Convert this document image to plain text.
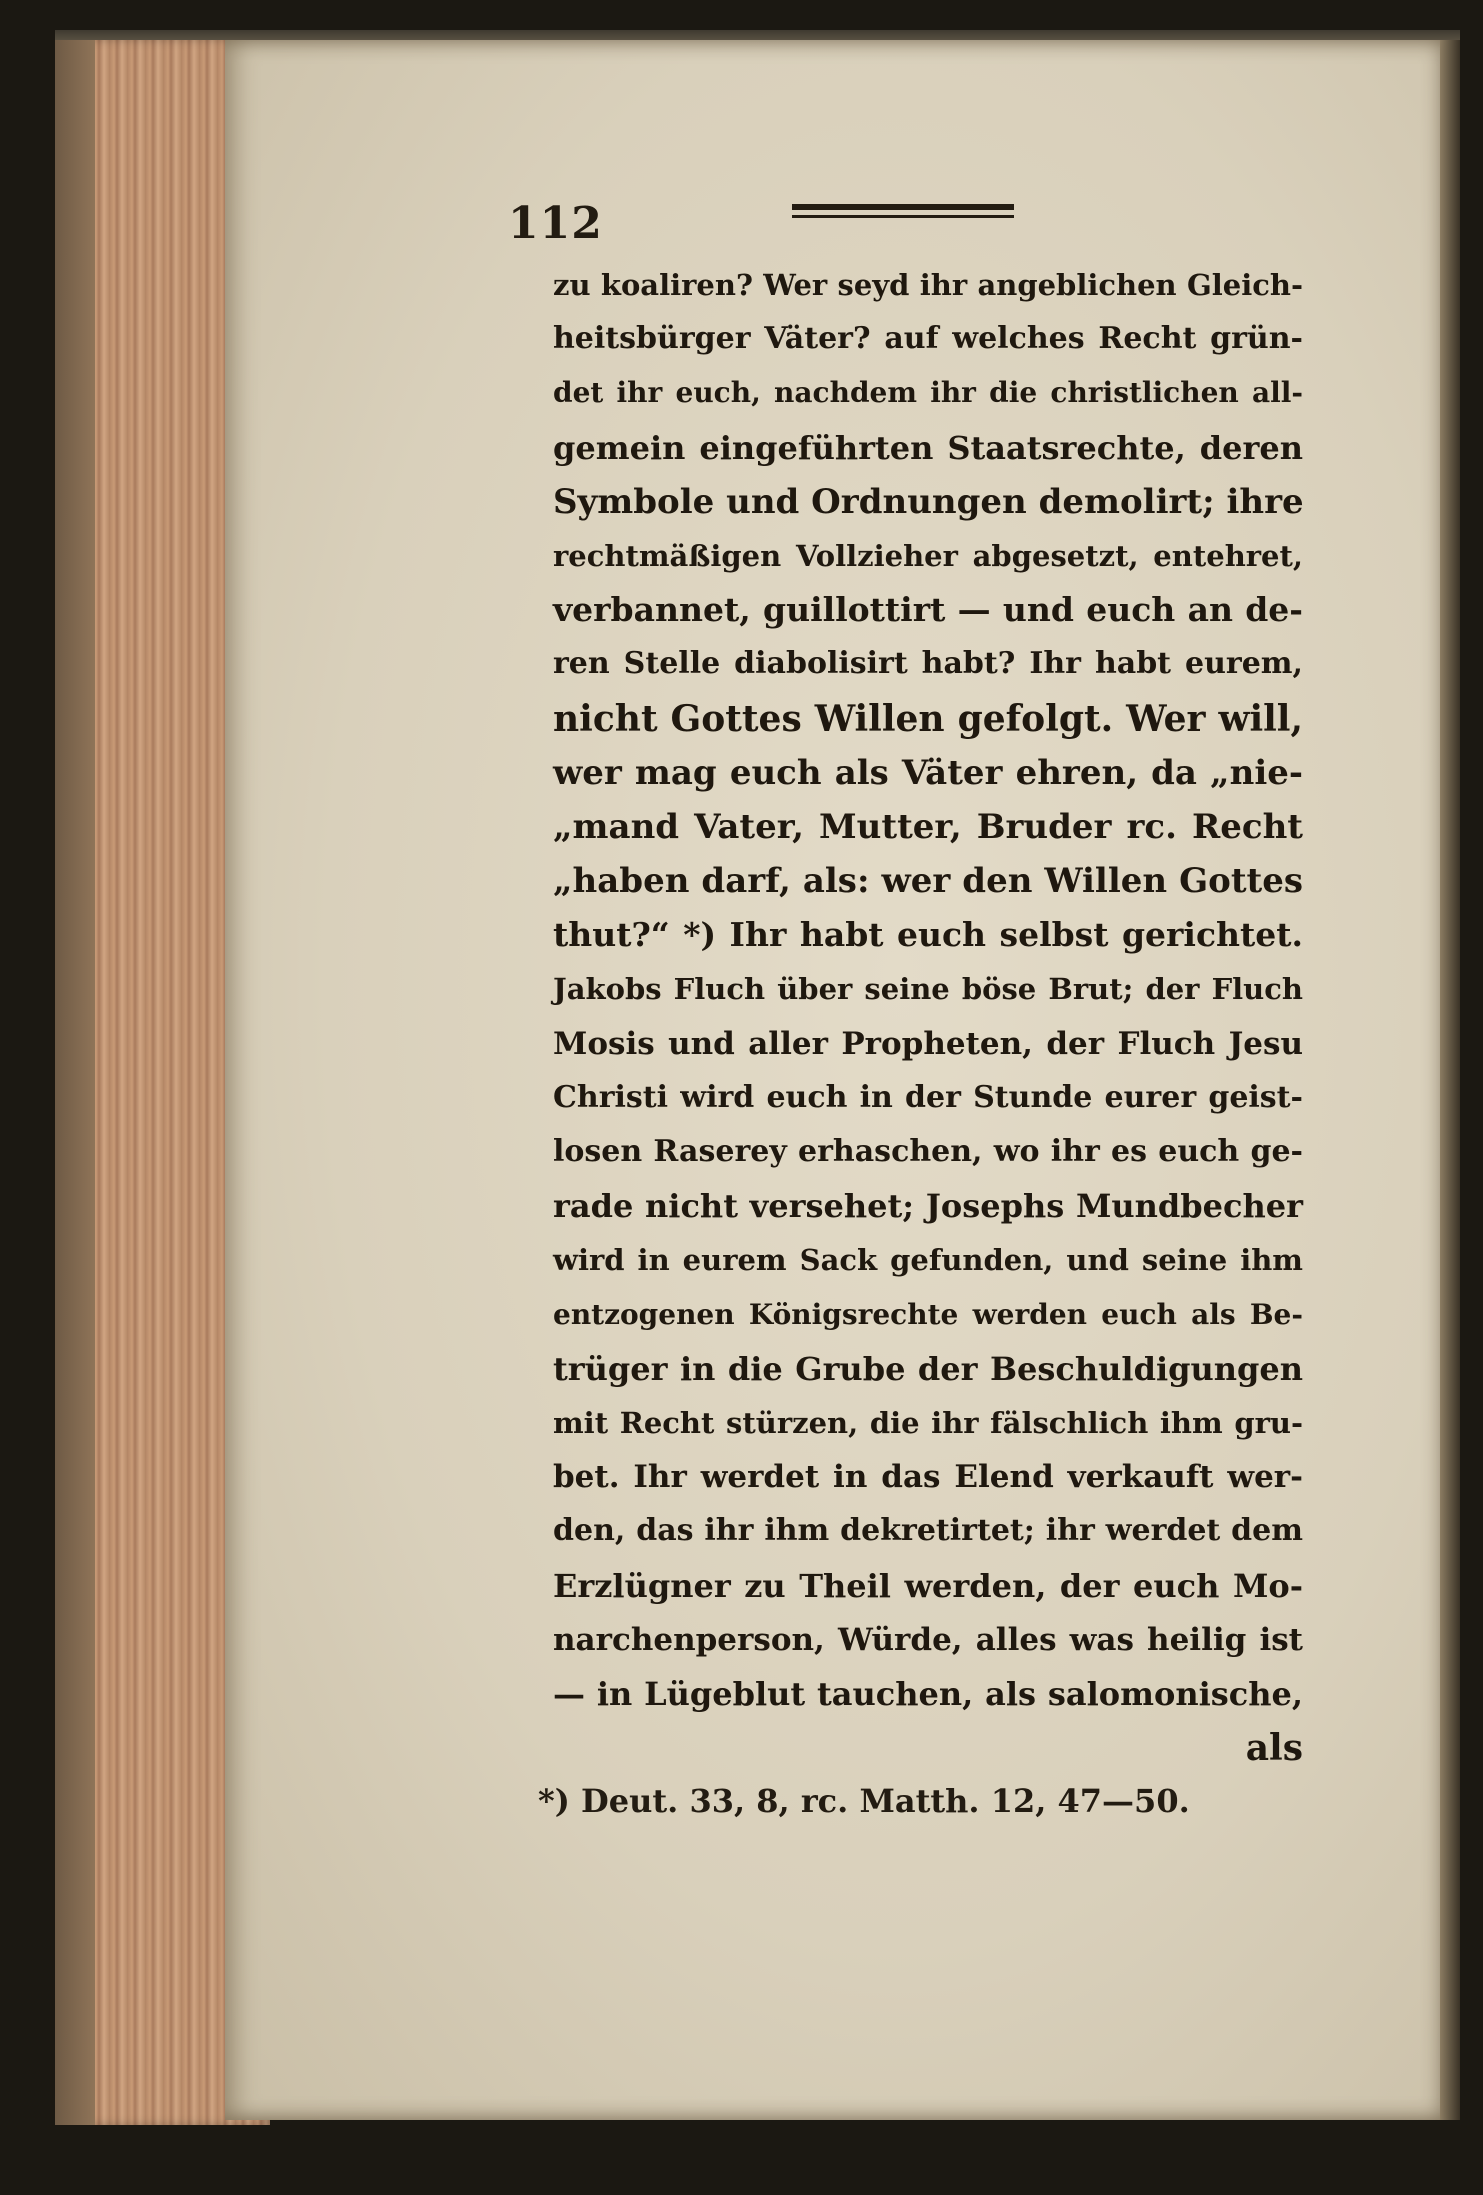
112
zu koaliren? Wer seyd ihr angeblichen Gleich-
heitsbürger Väter? auf welches Recht grün-
det ihr euch, nachdem ihr die christlichen all-
gemein eingeführten Staatsrechte, deren
Symbole und Ordnungen demolirt; ihre
rechtmäßigen Vollzieher abgesetzt, entehret,
verbannet, guillottirt — und euch an de-
ren Stelle diabolisirt habt? Ihr habt eurem,
nicht Gottes Willen gefolgt. Wer will,
wer mag euch als Väter ehren, da „nie-
„mand Vater, Mutter, Bruder rc. Recht
„haben darf, als: wer den Willen Gottes
thut?“ *) Ihr habt euch selbst gerichtet.
Jakobs Fluch über seine böse Brut; der Fluch
Mosis und aller Propheten, der Fluch Jesu
Christi wird euch in der Stunde eurer geist-
losen Raserey erhaschen, wo ihr es euch ge-
rade nicht versehet; Josephs Mundbecher
wird in eurem Sack gefunden, und seine ihm
entzogenen Königsrechte werden euch als Be-
trüger in die Grube der Beschuldigungen
mit Recht stürzen, die ihr fälschlich ihm gru-
bet. Ihr werdet in das Elend verkauft wer-
den, das ihr ihm dekretirtet; ihr werdet dem
Erzlügner zu Theil werden, der euch Mo-
narchenperson, Würde, alles was heilig ist
— in Lügeblut tauchen, als salomonische,
als
*) Deut. 33, 8, rc. Matth. 12, 47—50.
